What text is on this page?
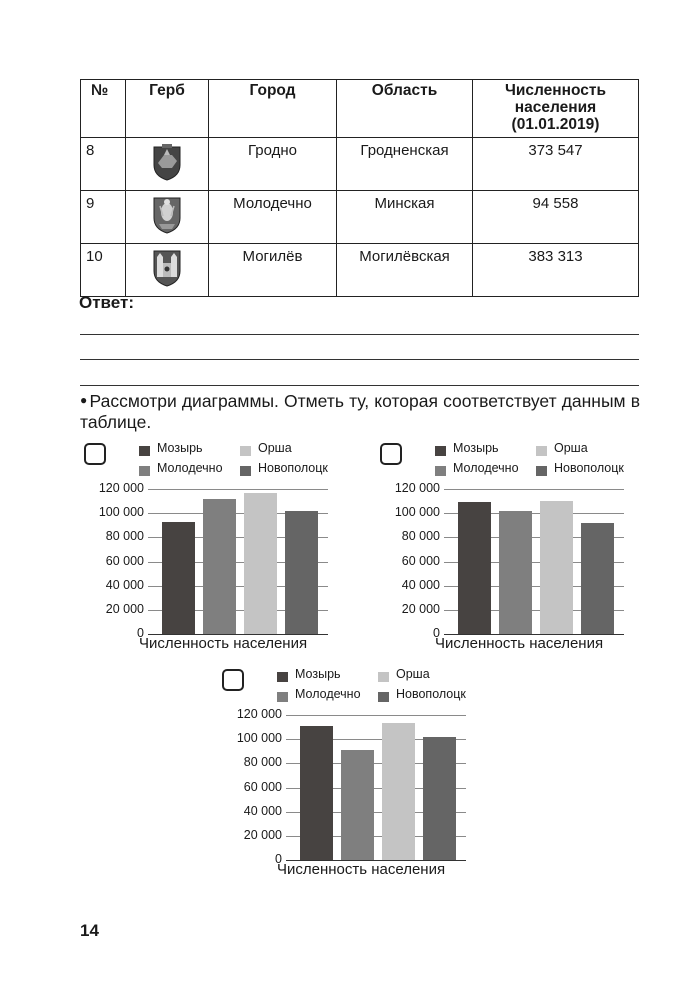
№	Герб	Город	Область	Численность населения (01.01.2019)
8		Гродно	Гродненская	373 547
9		Молодечно	Минская	94 558
10		Могилёв	Могилёвская	383 313
Ответ:
● Рассмотри диаграммы. Отметь ту, которая соответствует данным в таблице.
Мозырь	Орша
Молодечно	Новополоцк
0
20 000
40 000
60 000
80 000
100 000
120 000
Численность населения
Мозырь	Орша
Молодечно	Новополоцк
0
20 000
40 000
60 000
80 000
100 000
120 000
Численность населения
Мозырь	Орша
Молодечно	Новополоцк
0
20 000
40 000
60 000
80 000
100 000
120 000
Численность населения
14
